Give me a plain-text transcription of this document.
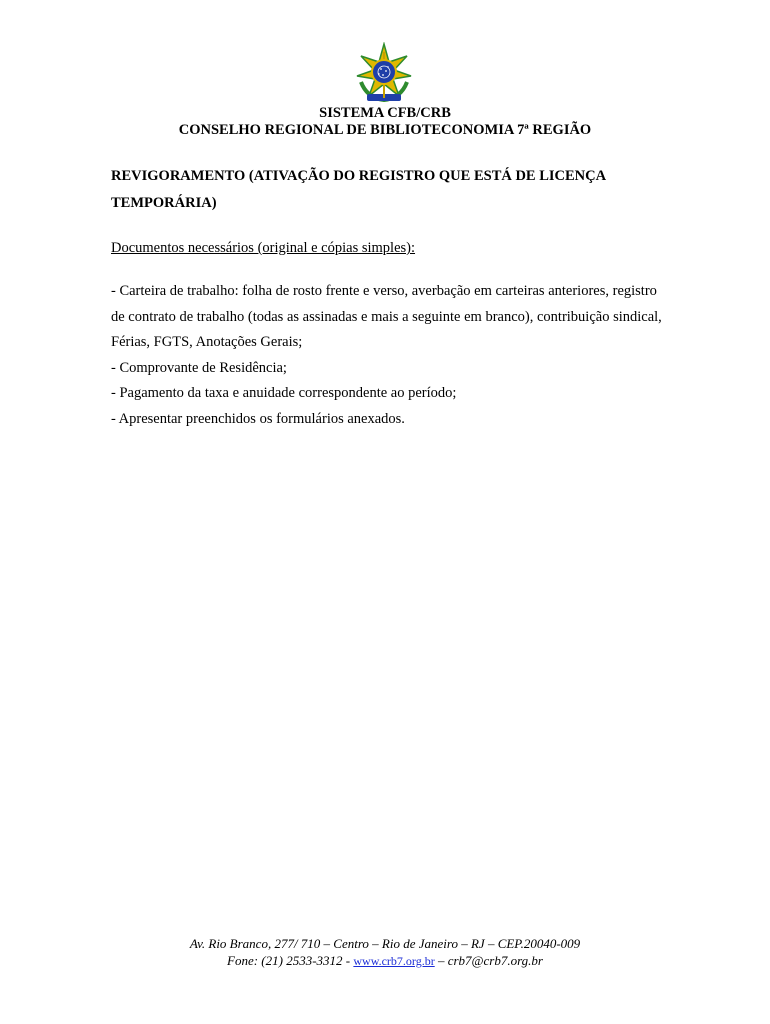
SISTEMA CFB/CRB
CONSELHO REGIONAL DE BIBLIOTECONOMIA 7ª REGIÃO
REVIGORAMENTO (ATIVAÇÃO DO REGISTRO QUE ESTÁ DE LICENÇA TEMPORÁRIA)
Documentos necessários (original e cópias simples):

- Carteira de trabalho: folha de rosto frente e verso, averbação em carteiras anteriores, registro de contrato de trabalho (todas as assinadas e mais a seguinte em branco), contribuição sindical, Férias, FGTS, Anotações Gerais;

- Comprovante de Residência;

- Pagamento da taxa e anuidade correspondente ao período;

- Apresentar preenchidos os formulários anexados.

Av. Rio Branco, 277/ 710 – Centro – Rio de Janeiro – RJ – CEP.20040-009
Fone: (21) 2533-3312 - www.crb7.org.br – crb7@crb7.org.br
